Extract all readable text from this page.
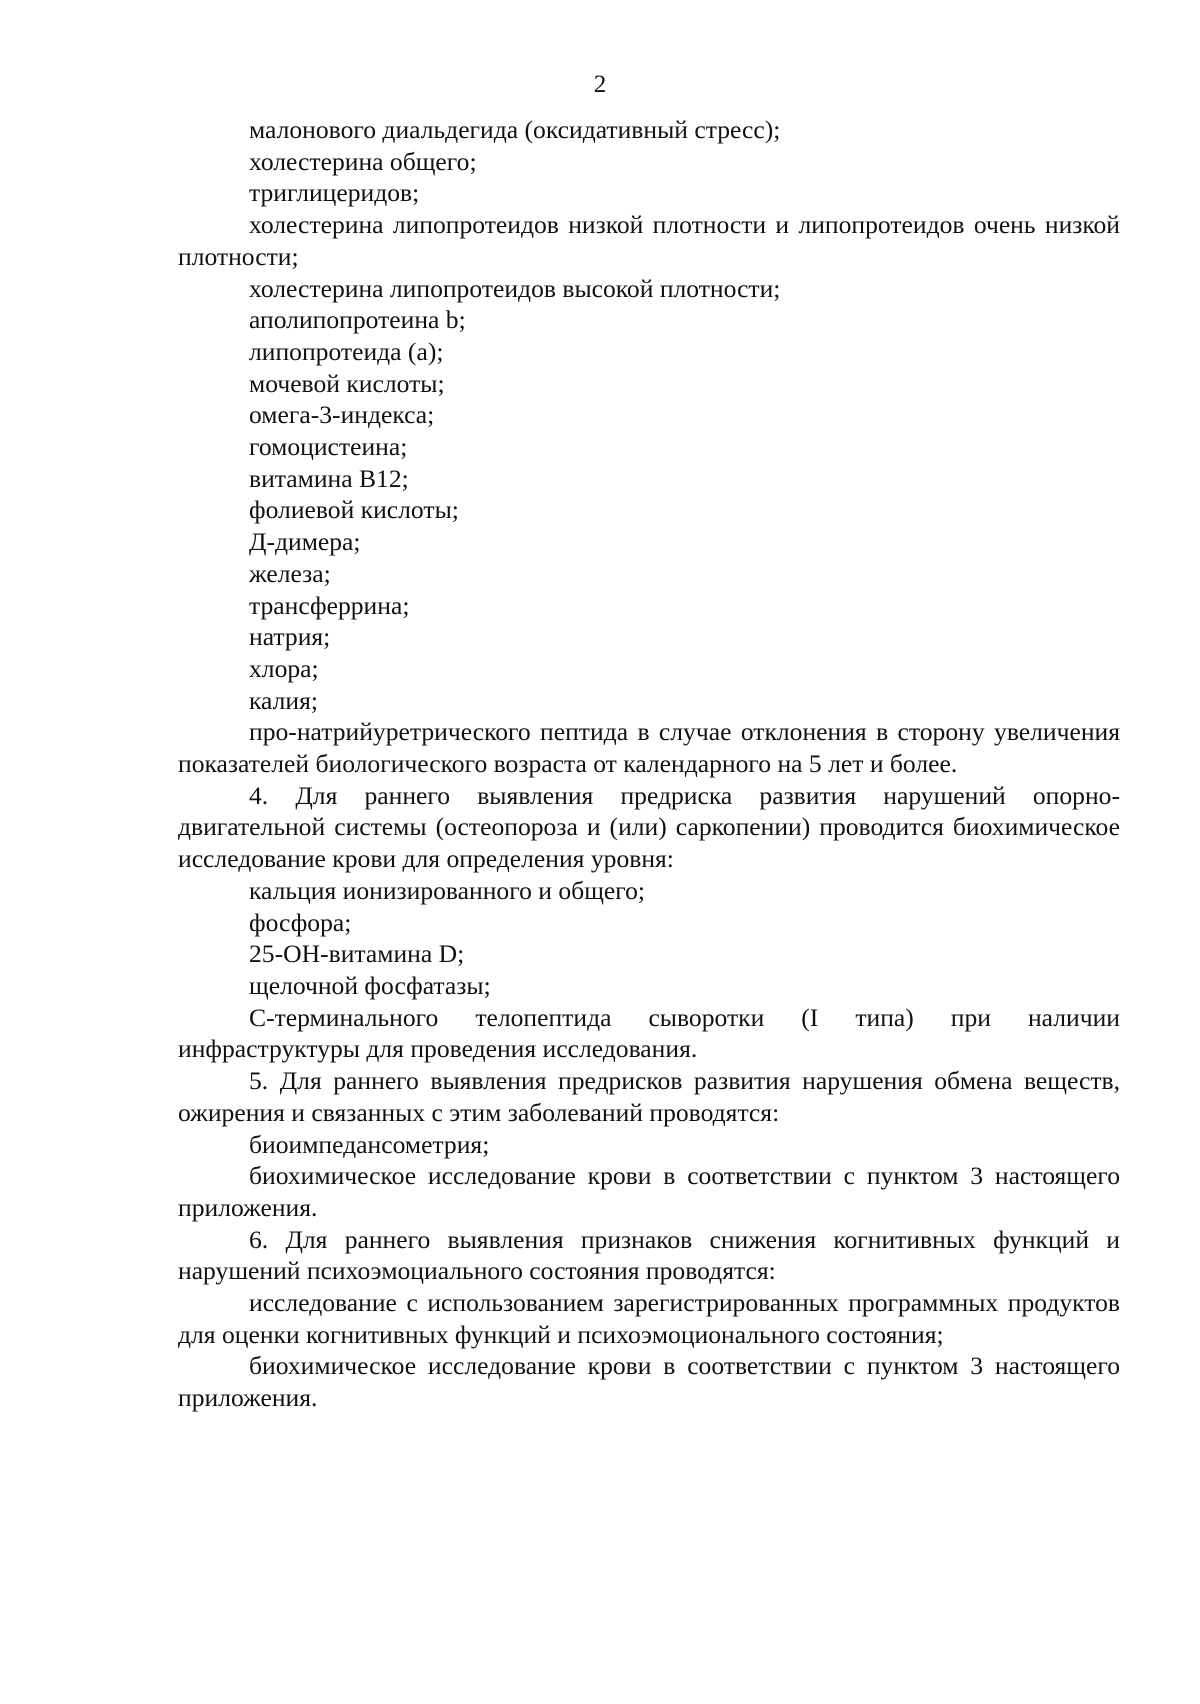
2

малонового диальдегида (оксидативный стресс);

холестерина общего;

триглицеридов;

холестерина липопротеидов низкой плотности и липопротеидов очень низкой плотности;

холестерина липопротеидов высокой плотности;

аполипопротеина b;

липопротеида (а);

мочевой кислоты;

омега-3-индекса;

гомоцистеина;

витамина В12;

фолиевой кислоты;

Д-димера;

железа;

трансферрина;

натрия;

хлора;

калия;

про-натрийуретрического пептида в случае отклонения в сторону увеличения показателей биологического возраста от календарного на 5 лет и более.

4. Для раннего выявления предриска развития нарушений опорно-двигательной системы (остеопороза и (или) саркопении) проводится биохимическое исследование крови для определения уровня:

кальция ионизированного и общего;

фосфора;

25-ОН-витамина D;

щелочной фосфатазы;

С-терминального телопептида сыворотки (I типа) при наличии инфраструктуры для проведения исследования.

5. Для раннего выявления предрисков развития нарушения обмена веществ, ожирения и связанных с этим заболеваний проводятся:

биоимпедансометрия;

биохимическое исследование крови в соответствии с пунктом 3 настоящего приложения.

6. Для раннего выявления признаков снижения когнитивных функций и нарушений психоэмоциального состояния проводятся:

исследование с использованием зарегистрированных программных продуктов для оценки когнитивных функций и психоэмоционального состояния;

биохимическое исследование крови в соответствии с пунктом 3 настоящего приложения.
